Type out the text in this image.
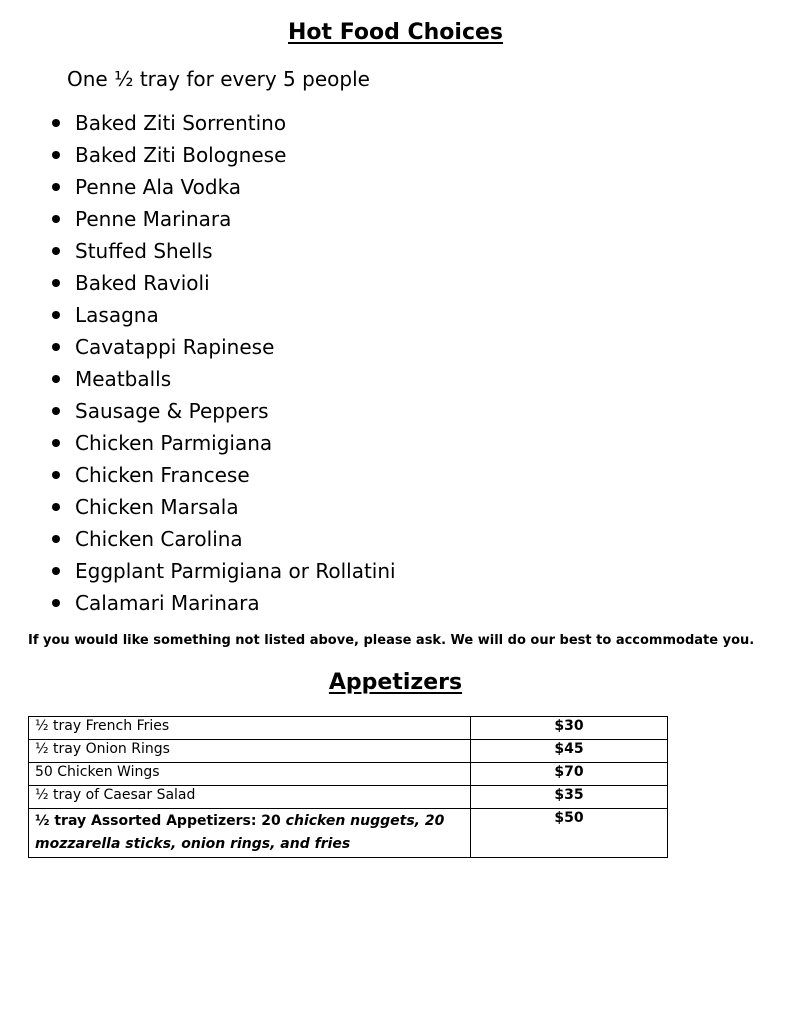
Hot Food Choices

One ½ tray for every 5 people

Baked Ziti Sorrentino
Baked Ziti Bolognese
Penne Ala Vodka
Penne Marinara
Stuffed Shells
Baked Ravioli
Lasagna
Cavatappi Rapinese
Meatballs
Sausage & Peppers
Chicken Parmigiana
Chicken Francese
Chicken Marsala
Chicken Carolina
Eggplant Parmigiana or Rollatini
Calamari Marinara

If you would like something not listed above, please ask. We will do our best to accommodate you.

Appetizers
½ tray French Fries	$30
½ tray Onion Rings	$45
50 Chicken Wings	$70
½ tray of Caesar Salad	$35
½ tray Assorted Appetizers: 20 chicken nuggets, 20 mozzarella sticks, onion rings, and fries	$50
